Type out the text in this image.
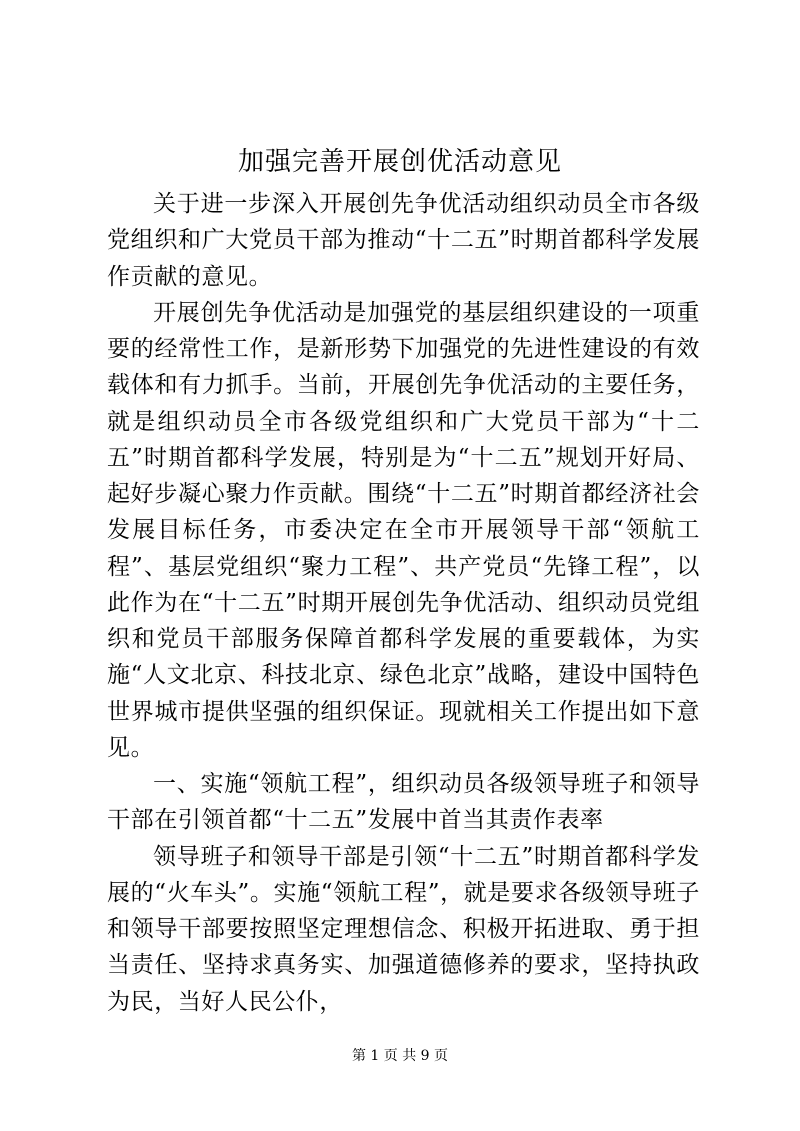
加强完善开展创优活动意见

关于进一步深入开展创先争优活动组织动员全市各级党组织和广大党员干部为推动“十二五”时期首都科学发展作贡献的意见。

开展创先争优活动是加强党的基层组织建设的一项重要的经常性工作，是新形势下加强党的先进性建设的有效载体和有力抓手。当前，开展创先争优活动的主要任务，就是组织动员全市各级党组织和广大党员干部为“十二五”时期首都科学发展，特别是为“十二五”规划开好局、起好步凝心聚力作贡献。围绕“十二五”时期首都经济社会发展目标任务，市委决定在全市开展领导干部“领航工程”、基层党组织“聚力工程”、共产党员“先锋工程”，以此作为在“十二五”时期开展创先争优活动、组织动员党组织和党员干部服务保障首都科学发展的重要载体，为实施“人文北京、科技北京、绿色北京”战略，建设中国特色世界城市提供坚强的组织保证。现就相关工作提出如下意见。

一、实施“领航工程”，组织动员各级领导班子和领导干部在引领首都“十二五”发展中首当其责作表率

领导班子和领导干部是引领“十二五”时期首都科学发展的“火车头”。实施“领航工程”，就是要求各级领导班子和领导干部要按照坚定理想信念、积极开拓进取、勇于担当责任、坚持求真务实、加强道德修养的要求，坚持执政为民，当好人民公仆，

第 1 页 共 9 页
